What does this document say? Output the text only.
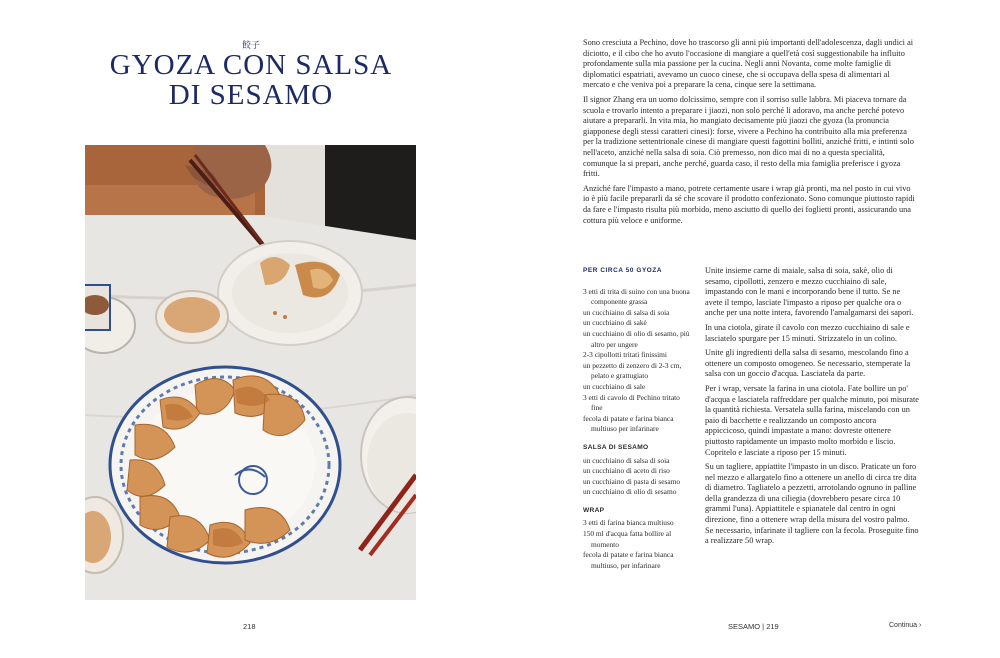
餃子
GYOZA CON SALSA
DI SESAMO
218

Sono cresciuta a Pechino, dove ho trascorso gli anni più importanti dell'adolescenza, dagli undici ai diciotto, e il cibo che ho avuto l'occasione di mangiare a quell'età così suggestionabile ha influito profondamente sulla mia passione per la cucina. Negli anni Novanta, come molte famiglie di diplomatici espatriati, avevamo un cuoco cinese, che si occupava della spesa di alimentari al mercato e che veniva poi a preparare la cena, cinque sere la settimana.

Il signor Zhang era un uomo dolcissimo, sempre con il sorriso sulle labbra. Mi piaceva tornare da scuola e trovarlo intento a preparare i jiaozi, non solo perché li adoravo, ma anche perché potevo aiutare a prepararli. In vita mia, ho mangiato decisamente più jiaozi che gyoza (la pronuncia giapponese degli stessi caratteri cinesi): forse, vivere a Pechino ha contribuito alla mia preferenza per la tradizione settentrionale cinese di mangiare questi fagottini bolliti, anziché fritti, e intinti solo nell'aceto, anziché nella salsa di soia. Ciò premesso, non dico mai di no a questa specialità, comunque la si prepari, anche perché, guarda caso, il resto della mia famiglia preferisce i gyoza fritti.

Anziché fare l'impasto a mano, potrete certamente usare i wrap già pronti, ma nel posto in cui vivo io è più facile prepararli da sé che scovare il prodotto confezionato. Sono comunque piuttosto rapidi da fare e l'impasto risulta più morbido, meno asciutto di quello dei foglietti pronti, assicurando una cottura più veloce e uniforme.

PER CIRCA 50 GYOZA
3 etti di trita di suino con una buona componente grassa
un cucchiaino di salsa di soia
un cucchiaino di sakè
un cucchiaino di olio di sesamo, più altro per ungere
2-3 cipollotti tritati finissimi
un pezzetto di zenzero di 2-3 cm, pelato e grattugiato
un cucchiaino di sale
3 etti di cavolo di Pechino tritato fine
fecola di patate e farina bianca multiuso per infarinare
SALSA DI SESAMO
un cucchiaino di salsa di soia
un cucchiaino di aceto di riso
un cucchiaino di pasta di sesamo
un cucchiaino di olio di sesamo
WRAP
3 etti di farina bianca multiuso
150 ml d'acqua fatta bollire al momento
fecola di patate e farina bianca multiuso, per infarinare

Unite insieme carne di maiale, salsa di soia, sakè, olio di sesamo, cipollotti, zenzero e mezzo cucchiaino di sale, impastando con le mani e incorporando bene il tutto. Se ne avete il tempo, lasciate l'impasto a riposo per qualche ora o anche per una notte intera, favorendo l'amalgamarsi dei sapori.

In una ciotola, girate il cavolo con mezzo cucchiaino di sale e lasciatelo spurgare per 15 minuti. Strizzatelo in un colino.

Unite gli ingredienti della salsa di sesamo, mescolando fino a ottenere un composto omogeneo. Se necessario, stemperate la salsa con un goccio d'acqua. Lasciatela da parte.

Per i wrap, versate la farina in una ciotola. Fate bollire un po' d'acqua e lasciatela raffreddare per qualche minuto, poi misurate la quantità richiesta. Versatela sulla farina, miscelando con un paio di bacchette e realizzando un composto ancora appiccicoso, quindi impastate a mano: dovreste ottenere piuttosto rapidamente un impasto molto morbido e liscio. Copritelo e lasciate a riposo per 15 minuti.

Su un tagliere, appiattite l'impasto in un disco. Praticate un foro nel mezzo e allargatelo fino a ottenere un anello di circa tre dita di diametro. Tagliatelo a pezzetti, arrotolando ognuno in palline della grandezza di una ciliegia (dovrebbero pesare circa 10 grammi l'una). Appiattitele e spianatele dal centro in ogni direzione, fino a ottenere wrap della misura del vostro palmo. Se necessario, infarinate il tagliere con la fecola. Proseguite fino a realizzare 50 wrap.

SESAMO | 219	Continua ›
